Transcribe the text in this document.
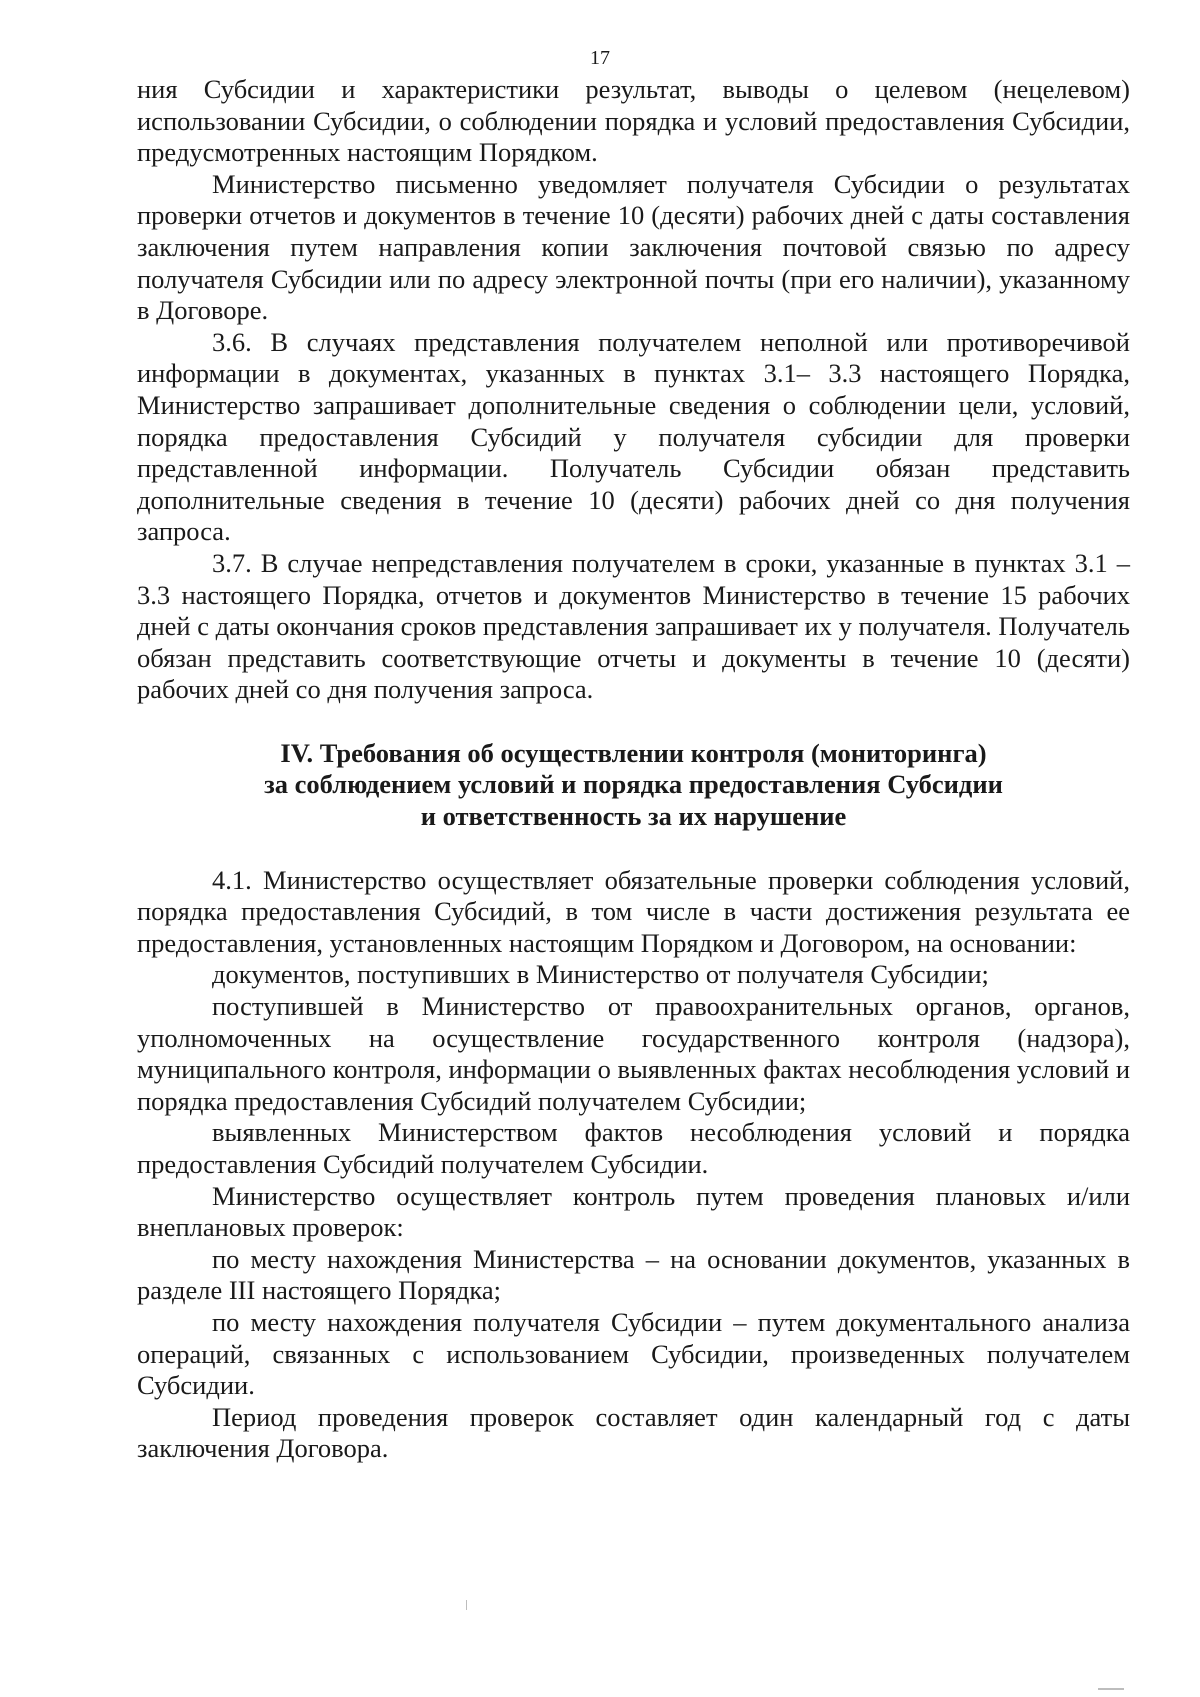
17

ния Субсидии и характеристики результат, выводы о целевом (нецелевом) использовании Субсидии, о соблюдении порядка и условий предоставления Субсидии, предусмотренных настоящим Порядком.

Министерство письменно уведомляет получателя Субсидии о результатах проверки отчетов и документов в течение 10 (десяти) рабочих дней с даты составления заключения путем направления копии заключения почтовой связью по адресу получателя Субсидии или по адресу электронной почты (при его наличии), указанному в Договоре.

3.6. В случаях представления получателем неполной или противоречивой информации в документах, указанных в пунктах 3.1– 3.3 настоящего Порядка, Министерство запрашивает дополнительные сведения о соблюдении цели, условий, порядка предоставления Субсидий у получателя субсидии для проверки представленной информации. Получатель Субсидии обязан представить дополнительные сведения в течение 10 (десяти) рабочих дней со дня получения запроса.

3.7. В случае непредставления получателем в сроки, указанные в пунктах 3.1 – 3.3 настоящего Порядка, отчетов и документов Министерство в течение 15 рабочих дней с даты окончания сроков представления запрашивает их у получателя. Получатель обязан представить соответствующие отчеты и документы в течение 10 (десяти) рабочих дней со дня получения запроса.

IV. Требования об осуществлении контроля (мониторинга)

за соблюдением условий и порядка предоставления Субсидии

и ответственность за их нарушение

4.1. Министерство осуществляет обязательные проверки соблюдения условий, порядка предоставления Субсидий, в том числе в части достижения результата ее предоставления, установленных настоящим Порядком и Договором, на основании:

документов, поступивших в Министерство от получателя Субсидии;

поступившей в Министерство от правоохранительных органов, органов, уполномоченных на осуществление государственного контроля (надзора), муниципального контроля, информации о выявленных фактах несоблюдения условий и порядка предоставления Субсидий получателем Субсидии;

выявленных Министерством фактов несоблюдения условий и порядка предоставления Субсидий получателем Субсидии.

Министерство осуществляет контроль путем проведения плановых и/или внеплановых проверок:

по месту нахождения Министерства – на основании документов, указанных в разделе III настоящего Порядка;

по месту нахождения получателя Субсидии – путем документального анализа операций, связанных с использованием Субсидии, произведенных получателем Субсидии.

Период проведения проверок составляет один календарный год с даты заключения Договора.
